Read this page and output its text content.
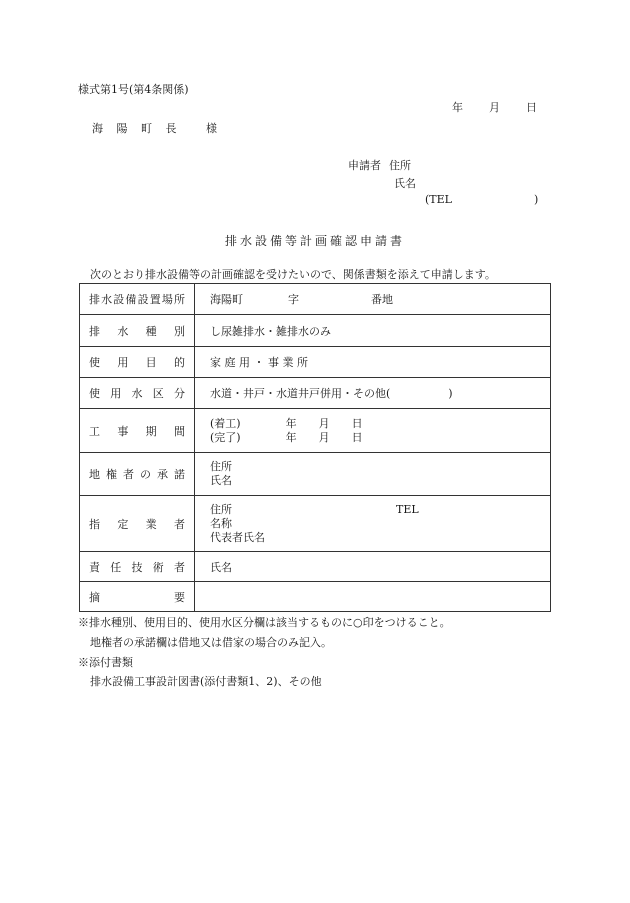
様式第1号(第4条関係)
年 月 日
海 陽 町 長　 様
申請者 住所
氏名
(TEL	)
排水設備等計画確認申請書
次のとおり排水設備等の計画確認を受けたいので、関係書類を添えて申請します。
排水設備設置場所	海陽町 字 番地
排 水 種 別	し尿雑排水・雑排水のみ
使 用 目 的	家 庭 用 ・ 事 業 所
使 用 水 区 分	水道・井戸・水道井戸併用・その他( )
工 事 期 間	(着工) 年 月 日
(完了) 年 月 日

地 権 者 の 承 諾	住所
氏名

指 定 業 者	住所 TEL
名称
代表者氏名

責 任 技 術 者	氏名
摘 要	
※排水種別、使用目的、使用水区分欄は該当するものに○印をつけること。
地権者の承諾欄は借地又は借家の場合のみ記入。
※添付書類
排水設備工事設計図書(添付書類1、2)、その他
